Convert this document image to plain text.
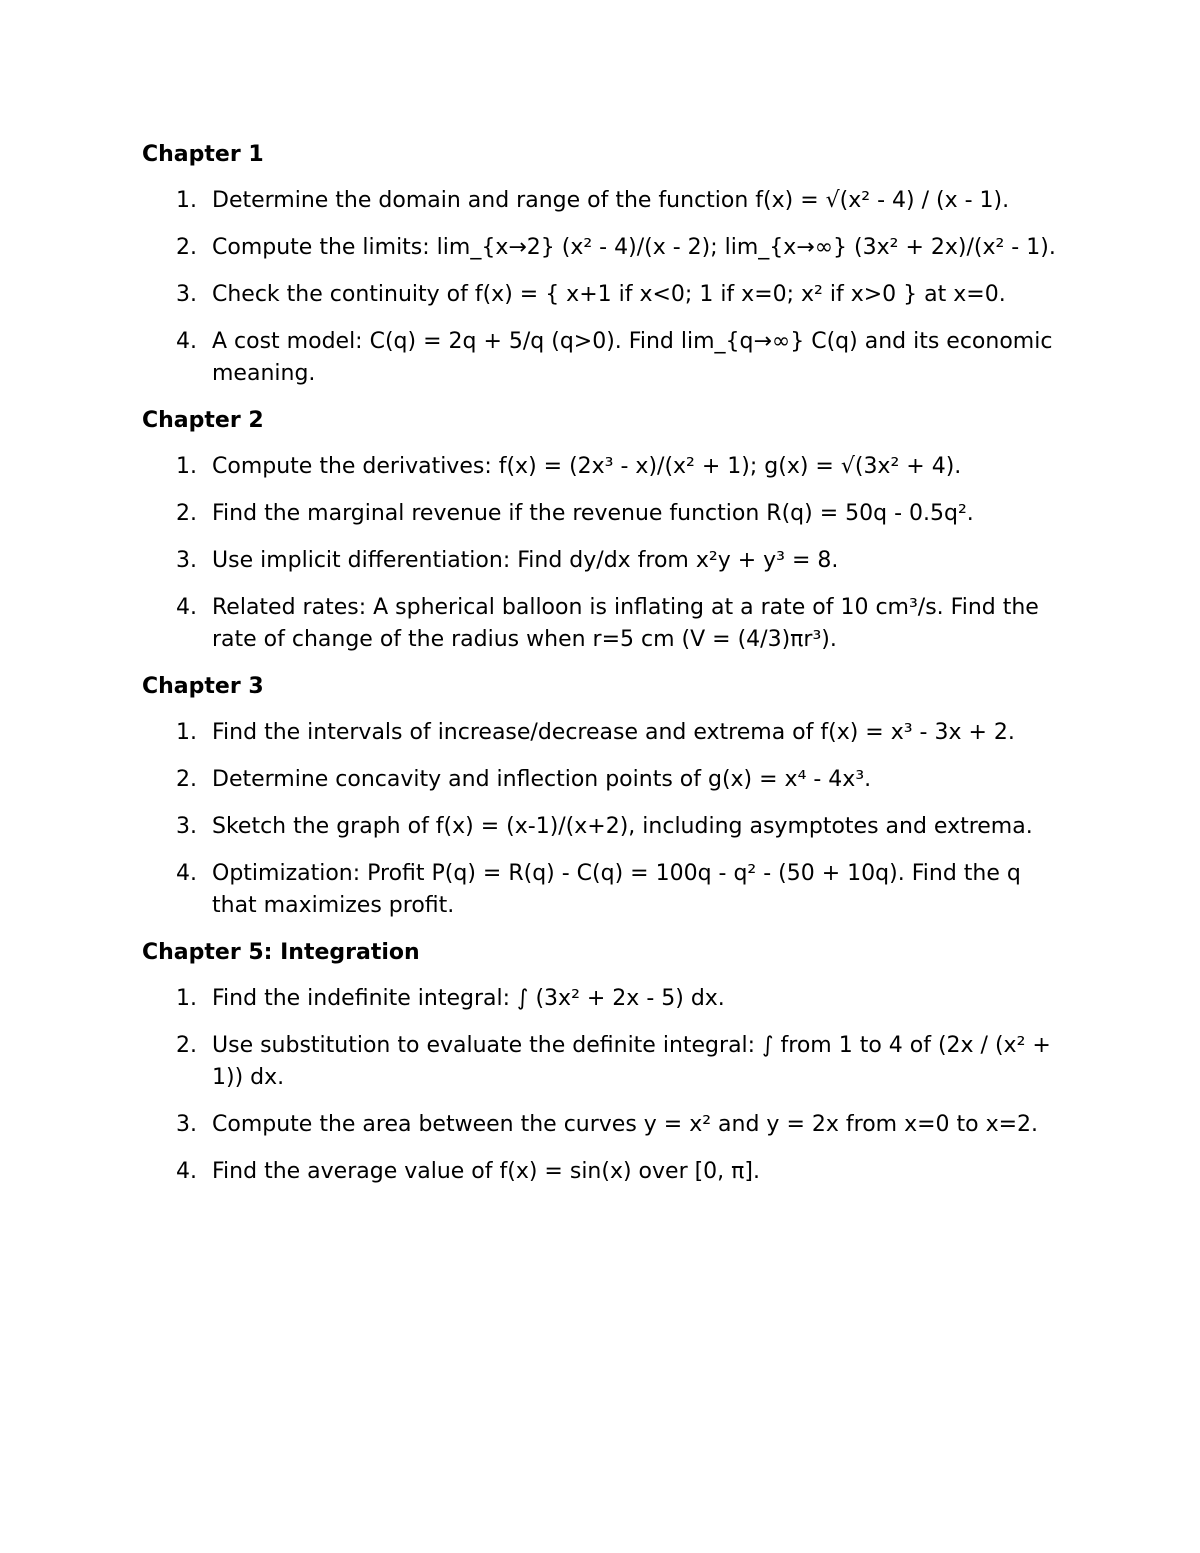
Chapter 1
1. Determine the domain and range of the function f(x) = √(x² - 4) / (x - 1).
2. Compute the limits: lim_{x→2} (x² - 4)/(x - 2); lim_{x→∞} (3x² + 2x)/(x² - 1).
3. Check the continuity of f(x) = { x+1 if x<0; 1 if x=0; x² if x>0 } at x=0.
4. A cost model: C(q) = 2q + 5/q (q>0). Find lim_{q→∞} C(q) and its economic meaning.
Chapter 2
1. Compute the derivatives: f(x) = (2x³ - x)/(x² + 1); g(x) = √(3x² + 4).
2. Find the marginal revenue if the revenue function R(q) = 50q - 0.5q².
3. Use implicit differentiation: Find dy/dx from x²y + y³ = 8.
4. Related rates: A spherical balloon is inflating at a rate of 10 cm³/s. Find the rate of change of the radius when r=5 cm (V = (4/3)πr³).
Chapter 3
1. Find the intervals of increase/decrease and extrema of f(x) = x³ - 3x + 2.
2. Determine concavity and inflection points of g(x) = x⁴ - 4x³.
3. Sketch the graph of f(x) = (x-1)/(x+2), including asymptotes and extrema.
4. Optimization: Profit P(q) = R(q) - C(q) = 100q - q² - (50 + 10q). Find the q that maximizes profit.
Chapter 5: Integration
1. Find the indefinite integral: ∫ (3x² + 2x - 5) dx.
2. Use substitution to evaluate the definite integral: ∫ from 1 to 4 of (2x / (x² + 1)) dx.
3. Compute the area between the curves y = x² and y = 2x from x=0 to x=2.
4. Find the average value of f(x) = sin(x) over [0, π].
